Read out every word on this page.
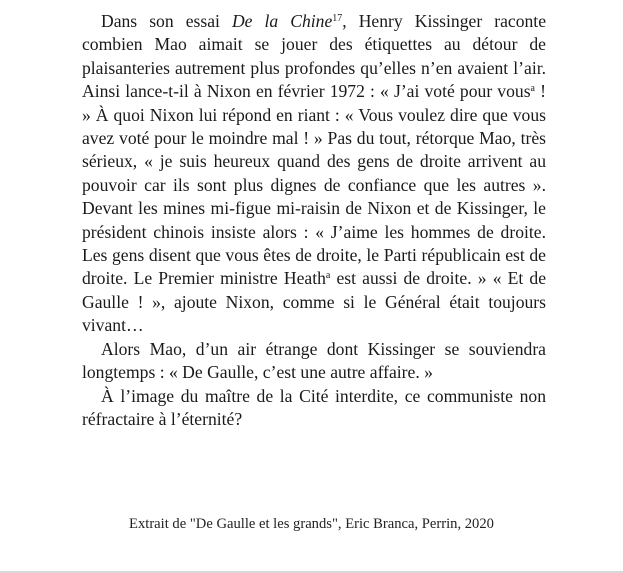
Dans son essai De la Chine$^{17}$, Henry Kissinger raconte combien Mao aimait se jouer des étiquettes au détour de plaisanteries autrement plus profondes qu’elles n’en avaient l’air. Ainsi lance-t-il à Nixon en février 1972 : « J’ai voté pour vous$^a$ ! » À quoi Nixon lui répond en riant : « Vous voulez dire que vous avez voté pour le moindre mal ! » Pas du tout, rétorque Mao, très sérieux, « je suis heureux quand des gens de droite arrivent au pouvoir car ils sont plus dignes de confiance que les autres ». Devant les mines mi-figue mi-raisin de Nixon et de Kissinger, le président chinois insiste alors : « J’aime les hommes de droite. Les gens disent que vous êtes de droite, le Parti républicain est de droite. Le Premier ministre Heath$^a$ est aussi de droite. » « Et de Gaulle ! », ajoute Nixon, comme si le Général était toujours vivant…

Alors Mao, d’un air étrange dont Kissinger se souviendra longtemps : « De Gaulle, c’est une autre affaire. »

À l’image du maître de la Cité interdite, ce communiste non réfractaire à l’éternité?

Extrait de "De Gaulle et les grands", Eric Branca, Perrin, 2020
